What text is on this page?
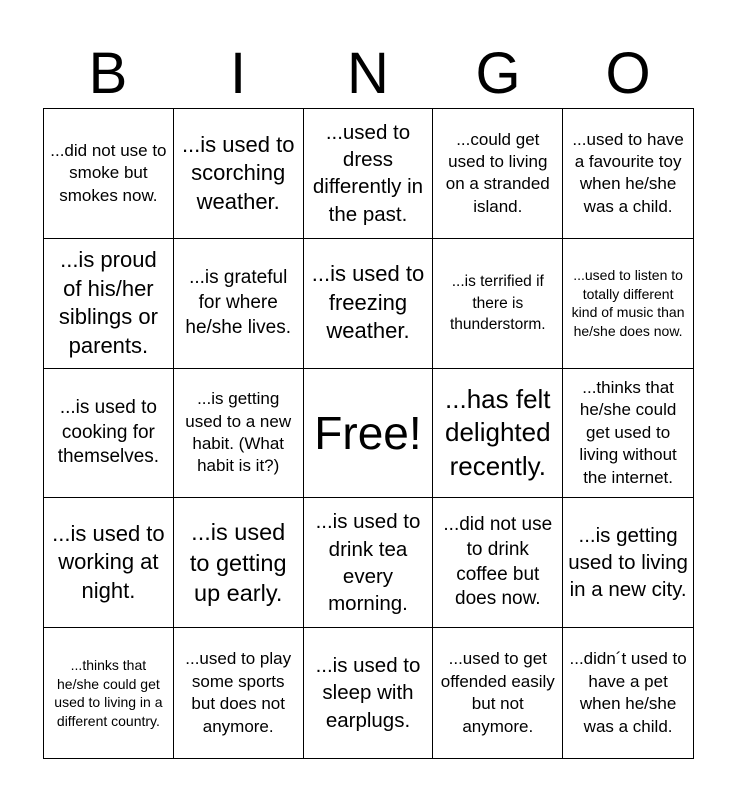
B	I	N	G	O
...did not use to smoke but smokes now.
...is used to scorching weather.
...used to dress differently in the past.
...could get used to living on a stranded island.
...used to have a favourite toy when he/she was a child.
...is proud of his/her siblings or parents.
...is grateful for where he/she lives.
...is used to freezing weather.
...is terrified if there is thunderstorm.
...used to listen to totally different kind of music than he/she does now.
...is used to cooking for themselves.
...is getting used to a new habit. (What habit is it?)
Free!
...has felt delighted recently.
...thinks that he/she could get used to living without the internet.
...is used to working at night.
...is used to getting up early.
...is used to drink tea every morning.
...did not use to drink coffee but does now.
...is getting used to living in a new city.
...thinks that he/she could get used to living in a different country.
...used to play some sports but does not anymore.
...is used to sleep with earplugs.
...used to get offended easily but not anymore.
...didn´t used to have a pet when he/she was a child.
